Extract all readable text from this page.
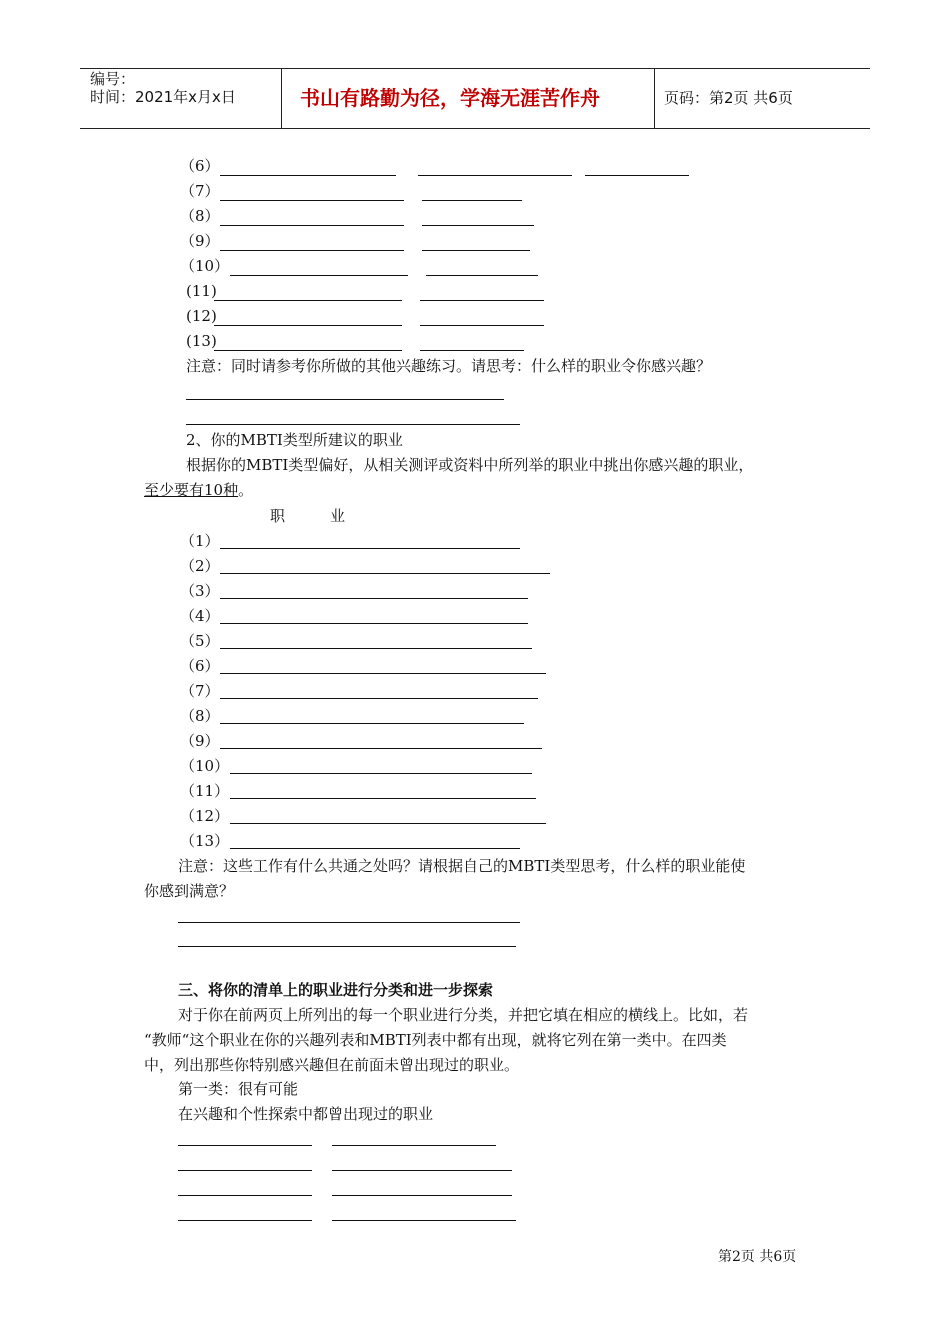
编号：
时间：2021年x月x日	书山有路勤为径，学海无涯苦作舟	页码：第2页 共6页
（6）
（7）
（8）
（9）
（10）
(11)
(12)
(13)
注意：同时请参考你所做的其他兴趣练习。请思考：什么样的职业令你感兴趣？
2、你的MBTI类型所建议的职业
根据你的MBTI类型偏好，从相关测评或资料中所列举的职业中挑出你感兴趣的职业，
至少要有10种。
职	业
（1）
（2）
（3）
（4）
（5）
（6）
（7）
（8）
（9）
（10）
（11）
（12）
（13）
注意：这些工作有什么共通之处吗？请根据自己的MBTI类型思考，什么样的职业能使
你感到满意？
三、将你的清单上的职业进行分类和进一步探索
对于你在前两页上所列出的每一个职业进行分类，并把它填在相应的横线上。比如，若
“教师“这个职业在你的兴趣列表和MBTI列表中都有出现，就将它列在第一类中。在四类
中，列出那些你特别感兴趣但在前面未曾出现过的职业。
第一类：很有可能
在兴趣和个性探索中都曾出现过的职业
第2页 共6页
